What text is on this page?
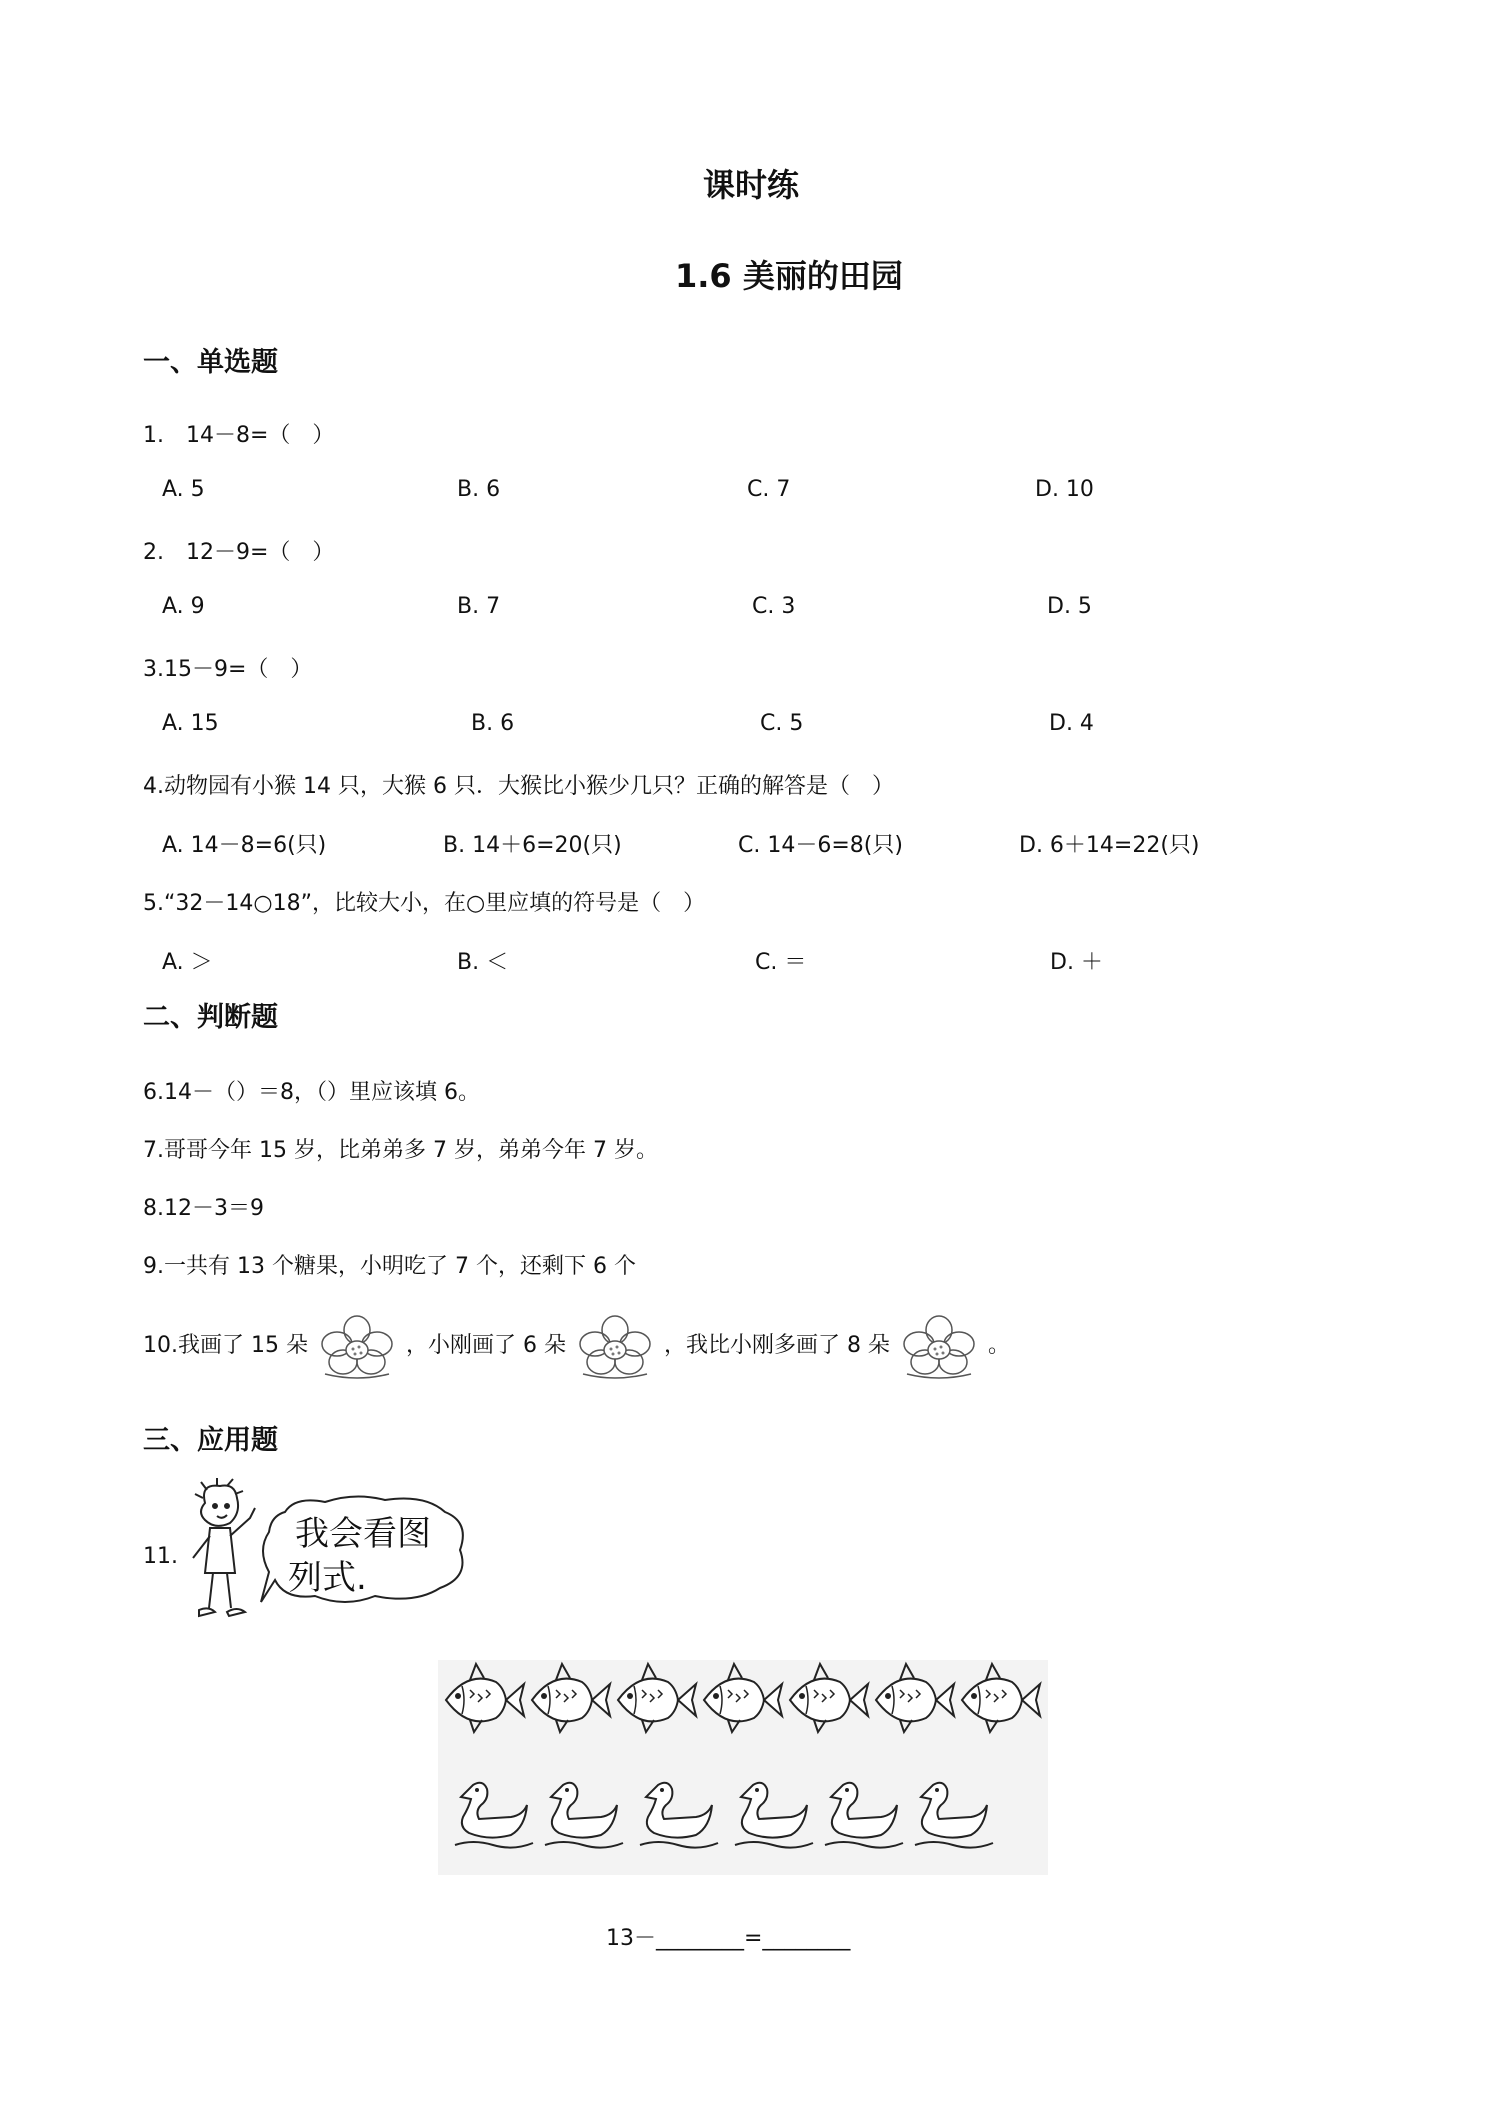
课时练
1.6 美丽的田园
一、单选题
1.　14－8=（　）
A. 5	B. 6	C. 7	D. 10
2.　12－9=（　）
A. 9	B. 7	C. 3	D. 5
3.15－9=（　）
A. 15	B. 6	C. 5	D. 4
4.动物园有小猴 14 只，大猴 6 只．大猴比小猴少几只？正确的解答是（　）
A. 14－8=6(只)	B. 14＋6=20(只)	C. 14－6=8(只)	D. 6＋14=22(只)
5.“32－14○18”，比较大小，在○里应填的符号是（　）
A. ＞	B. ＜	C. ＝	D. ＋
二、判断题
6.14－（）＝8，（）里应该填 6。
7.哥哥今年 15 岁，比弟弟多 7 岁，弟弟今年 7 岁。
8.12－3＝9
9.一共有 13 个糖果，小明吃了 7 个，还剩下 6 个
10.我画了 15 朵	，小刚画了 6 朵	，我比小刚多画了 8 朵	。
三、应用题
11.
我会看图
列式.
13－________=________
